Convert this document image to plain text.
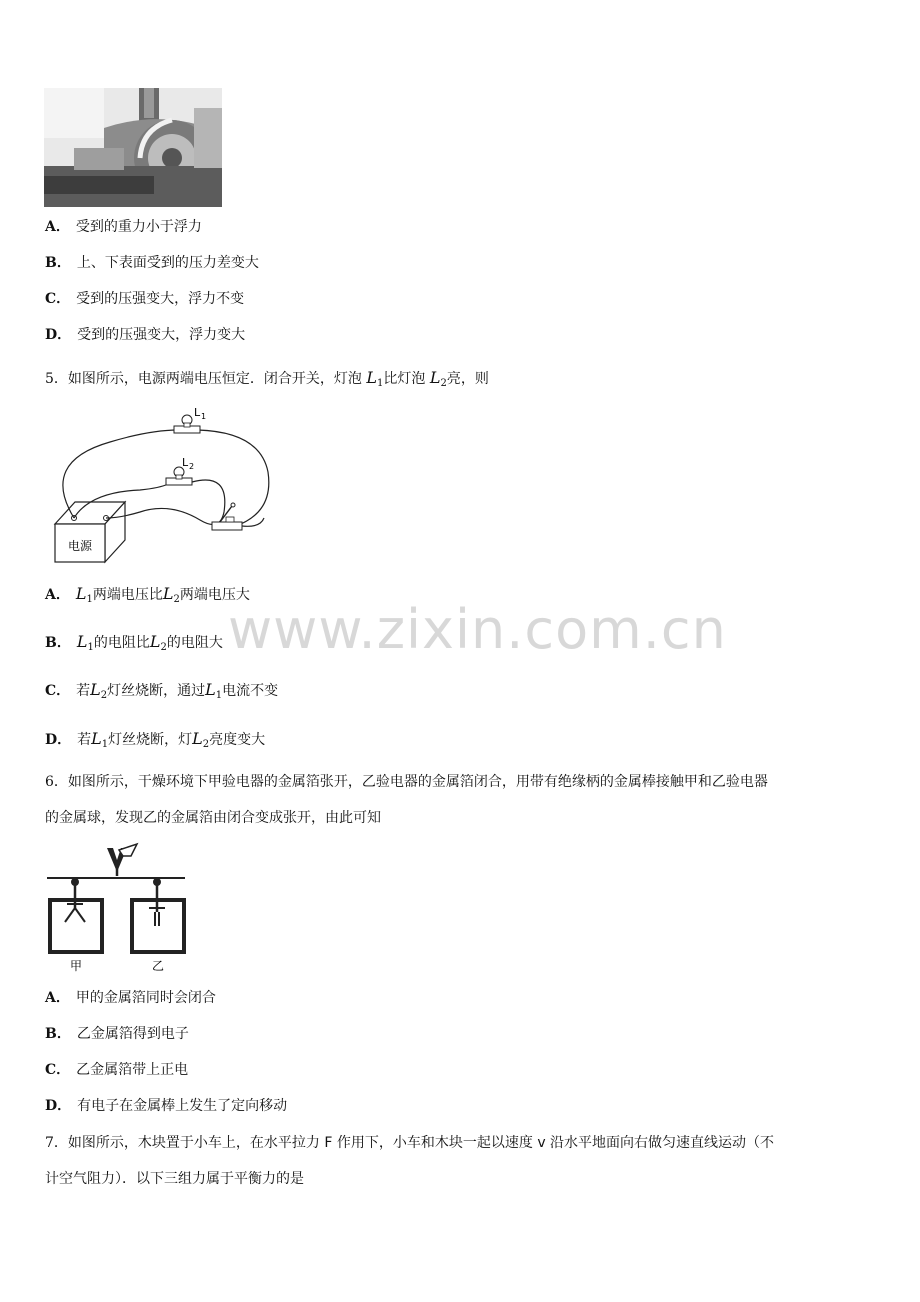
www.zixin.com.cn
A． 受到的重力小于浮力
B． 上、下表面受到的压力差变大
C． 受到的压强变大，浮力不变
D． 受到的压强变大，浮力变大
5．如图所示，电源两端电压恒定．闭合开关，灯泡 $L_1$比灯泡 $L_2$亮，则
电源
L 1
L 2
A． $L_1$两端电压比$L_2$两端电压大
B． $L_1$的电阻比$L_2$的电阻大
C． 若$L_2$灯丝烧断，通过$L_1$电流不变
D． 若$L_1$灯丝烧断，灯$L_2$亮度变大
6．如图所示，干燥环境下甲验电器的金属箔张开，乙验电器的金属箔闭合，用带有绝缘柄的金属棒接触甲和乙验电器
的金属球，发现乙的金属箔由闭合变成张开，由此可知
甲	乙
A． 甲的金属箔同时会闭合
B． 乙金属箔得到电子
C． 乙金属箔带上正电
D． 有电子在金属棒上发生了定向移动
7．如图所示，木块置于小车上，在水平拉力 F 作用下，小车和木块一起以速度 v 沿水平地面向右做匀速直线运动（不
计空气阻力）．以下三组力属于平衡力的是
